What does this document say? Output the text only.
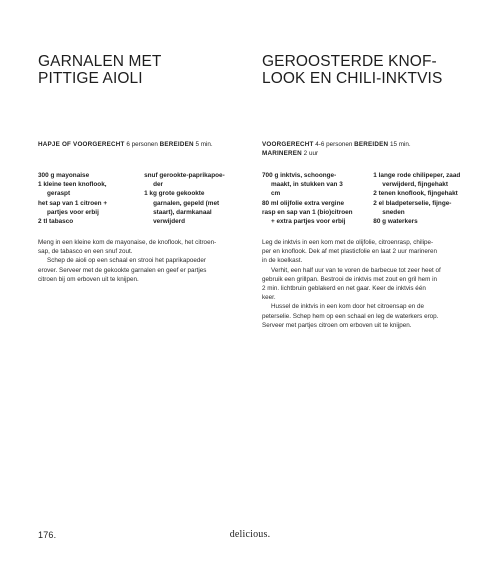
GARNALEN MET
PITTIGE AIOLI

HAPJE OF VOORGERECHT 6 personen BEREIDEN 5 min.

300 g mayonaise
1 kleine teen knoflook,
geraspt
het sap van 1 citroen +
partjes voor erbij
2 tl tabasco
snuf gerookte-paprikapoe-
der
1 kg grote gekookte
garnalen, gepeld (met
staart), darmkanaal
verwijderd

Meng in een kleine kom de mayonaise, de knoflook, het citroen-
sap, de tabasco en een snuf zout.

Schep de aioli op een schaal en strooi het paprikapoeder
erover. Serveer met de gekookte garnalen en geef er partjes
citroen bij om erboven uit te knijpen.

GEROOSTERDE KNOF-
LOOK EN CHILI-INKTVIS

VOORGERECHT 4-6 personen BEREIDEN 15 min.
MARINEREN 2 uur

700 g inktvis, schoonge-
maakt, in stukken van 3
cm
80 ml olijfolie extra vergine
rasp en sap van 1 (bio)citroen
+ extra partjes voor erbij
1 lange rode chilipeper, zaad
verwijderd, fijngehakt
2 tenen knoflook, fijngehakt
2 el bladpeterselie, fijnge-
sneden
80 g waterkers

Leg de inktvis in een kom met de olijfolie, citroenrasp, chilipe-
per en knoflook. Dek af met plasticfolie en laat 2 uur marineren
in de koelkast.

Verhit, een half uur van te voren de barbecue tot zeer heet of
gebruik een grillpan. Bestrooi de inktvis met zout en gril hem in
2 min. lichtbruin geblakerd en net gaar. Keer de inktvis één
keer.

Hussel de inktvis in een kom door het citroensap en de
peterselie. Schep hem op een schaal en leg de waterkers erop.
Serveer met partjes citroen om erboven uit te knijpen.

176.	delicious.
